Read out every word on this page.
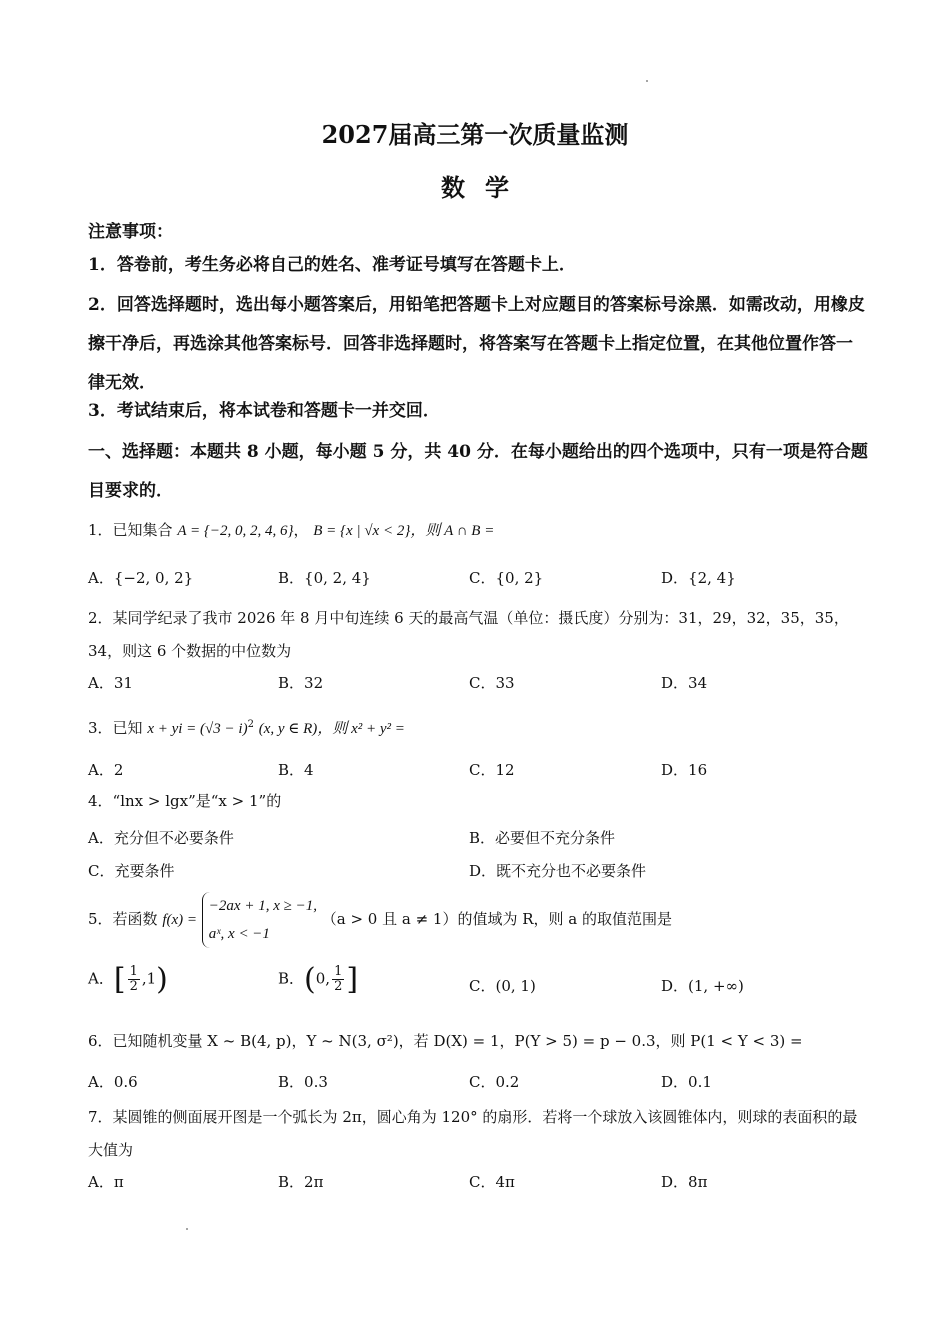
2027届高三第一次质量监测
数学
注意事项：
1．答卷前，考生务必将自己的姓名、准考证号填写在答题卡上．
2．回答选择题时，选出每小题答案后，用铅笔把答题卡上对应题目的答案标号涂黑．如需改动，用橡皮擦干净后，再选涂其他答案标号．回答非选择题时，将答案写在答题卡上指定位置，在其他位置作答一律无效．
3．考试结束后，将本试卷和答题卡一并交回．
一、选择题：本题共 8 小题，每小题 5 分，共 40 分．在每小题给出的四个选项中，只有一项是符合题目要求的．
1．已知集合 A = {−2, 0, 2, 4, 6}， B = {x | √x < 2}，则 A ∩ B =
A．{−2, 0, 2}	B．{0, 2, 4}	C．{0, 2}	D．{2, 4}
2．某同学纪录了我市 2026 年 8 月中旬连续 6 天的最高气温（单位：摄氏度）分别为：31，29，32，35，35，34，则这 6 个数据的中位数为
A．31	B．32	C．33	D．34
3．已知 x + yi = $(√3 - i)^2$ (x, y ∈ R)，则 x² + y² =
A．2	B．4	C．12	D．16
4．“lnx > lgx”是“x > 1”的
A．充分但不必要条件	B．必要但不充分条件
C．充要条件	D．既不充分也不必要条件
5．若函数 f(x) = −2ax + 1, x ≥ −1,
aˣ, x < −1 （a > 0 且 a ≠ 1）的值域为 R，则 a 的取值范围是
A．[ $\frac{1}{2} ,1$)	B．(0, $\frac{1}{2}$ ]	C．(0, 1)	D．(1, +∞)
6．已知随机变量 X ~ B(4, p)，Y ~ N(3, σ²)，若 D(X) = 1，P(Y > 5) = p − 0.3，则 P(1 < Y < 3) =
A．0.6	B．0.3	C．0.2	D．0.1
7．某圆锥的侧面展开图是一个弧长为 2π，圆心角为 120° 的扇形．若将一个球放入该圆锥体内，则球的表面积的最大值为
A．π	B．2π	C．4π	D．8π
